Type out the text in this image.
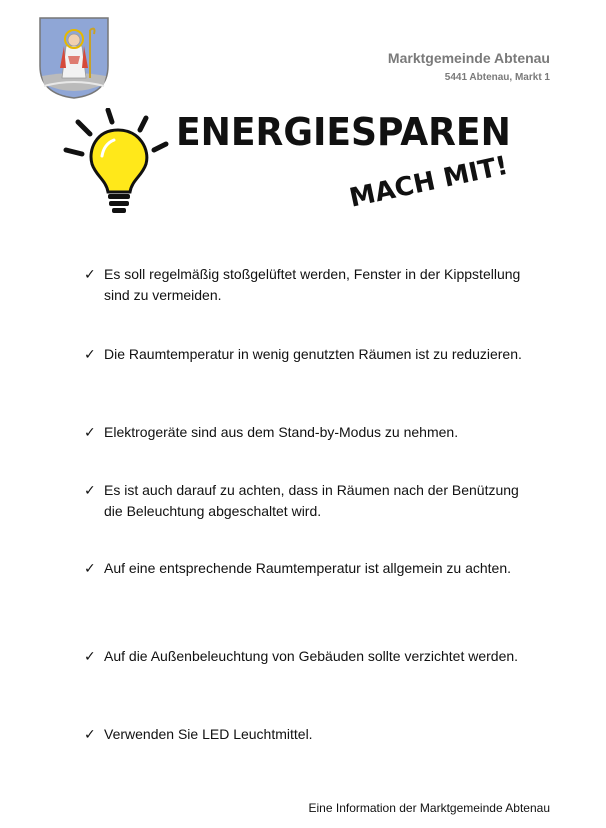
Marktgemeinde Abtenau
5441 Abtenau, Markt 1
ENERGIESPAREN
MACH MIT!
✓ Es soll regelmäßig stoßgelüftet werden, Fenster in der Kippstellung sind zu vermeiden.
✓ Die Raumtemperatur in wenig genutzten Räumen ist zu reduzieren.
✓ Elektrogeräte sind aus dem Stand-by-Modus zu nehmen.
✓ Es ist auch darauf zu achten, dass in Räumen nach der Benützung die Beleuchtung abgeschaltet wird.
✓ Auf eine entsprechende Raumtemperatur ist allgemein zu achten.
✓ Auf die Außenbeleuchtung von Gebäuden sollte verzichtet werden.
✓ Verwenden Sie LED Leuchtmittel.
Eine Information der Marktgemeinde Abtenau
